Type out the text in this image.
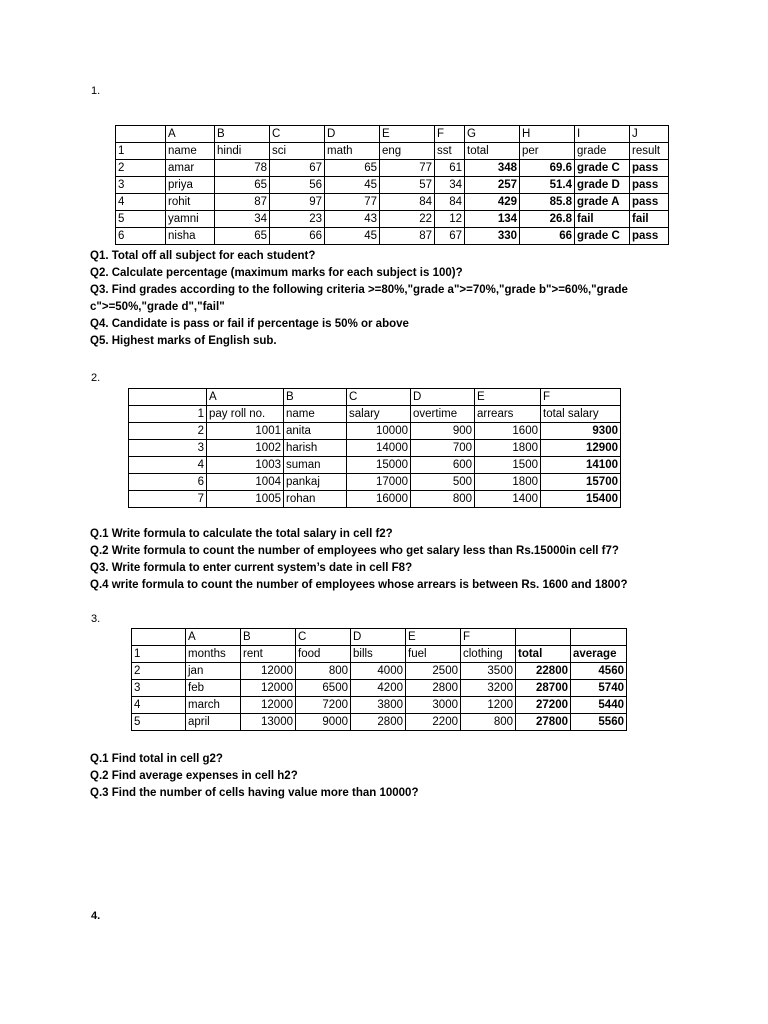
1.
	A	B	C	D	E	F	G	H	I	J
1	name	hindi	sci	math	eng	sst	total	per	grade	result
2	amar	78	67	65	77	61	348	69.6	grade C	pass
3	priya	65	56	45	57	34	257	51.4	grade D	pass
4	rohit	87	97	77	84	84	429	85.8	grade A	pass
5	yamni	34	23	43	22	12	134	26.8	fail	fail
6	nisha	65	66	45	87	67	330	66	grade C	pass
Q1. Total off all subject for each student?
Q2. Calculate percentage (maximum marks for each subject is 100)?
Q3. Find grades according to the following criteria >=80%,"grade a">=70%,"grade b">=60%,"grade
c">=50%,"grade d","fail"
Q4. Candidate is pass or fail if percentage is 50% or above
Q5. Highest marks of English sub.
2.
	A	B	C	D	E	F
1	pay roll no.	name	salary	overtime	arrears	total salary
2	1001	anita	10000	900	1600	9300
3	1002	harish	14000	700	1800	12900
4	1003	suman	15000	600	1500	14100
6	1004	pankaj	17000	500	1800	15700
7	1005	rohan	16000	800	1400	15400
Q.1 Write formula to calculate the total salary in cell f2?
Q.2 Write formula to count the number of employees who get salary less than Rs.15000in cell f7?
Q3. Write formula to enter current system’s date in cell F8?
Q.4 write formula to count the number of employees whose arrears is between Rs. 1600 and 1800?
3.
	A	B	C	D	E	F		
1	months	rent	food	bills	fuel	clothing	total	average
2	jan	12000	800	4000	2500	3500	22800	4560
3	feb	12000	6500	4200	2800	3200	28700	5740
4	march	12000	7200	3800	3000	1200	27200	5440
5	april	13000	9000	2800	2200	800	27800	5560
Q.1 Find total in cell g2?
Q.2 Find average expenses in cell h2?
Q.3 Find the number of cells having value more than 10000?
4.
